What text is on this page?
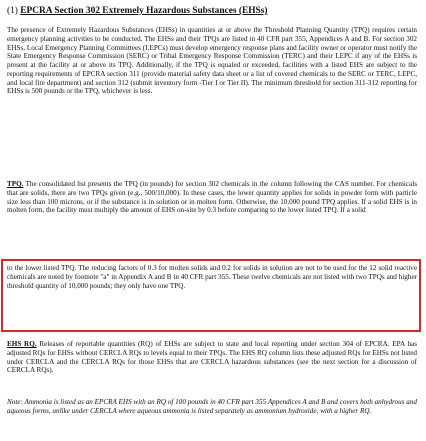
(1) EPCRA Section 302 Extremely Hazardous Substances (EHSs)
The presence of Extremely Hazardous Substances (EHSs) in quantities at or above the Threshold Planning Quantity (TPQ) requires certain emergency planning activities to be conducted. The EHSs and their TPQs are listed in 40 CFR part 355, Appendices A and B. For section 302 EHSs, Local Emergency Planning Committees (LEPCs) must develop emergency response plans and facility owner or operator must notify the State Emergency Response Commission (SERC) or Tribal Emergency Response Commission (TERC) and their LEPC if any of the EHSs is present at the facility at or above its TPQ. Additionally, if the TPQ is equaled or exceeded, facilities with a listed EHS are subject to the reporting requirements of EPCRA section 311 (provide material safety data sheet or a list of covered chemicals to the SERC or TERC, LEPC, and local fire department) and section 312 (submit inventory form -Tier I or Tier II). The minimum threshold for section 311-312 reporting for EHSs is 500 pounds or the TPQ, whichever is less.
TPQ. The consolidated list presents the TPQ (in pounds) for section 302 chemicals in the column following the CAS number. For chemicals that are solids, there are two TPQs given (e.g., 500/10,000). In these cases, the lower quantity applies for solids in powder form with particle size less than 100 microns, or if the substance is in solution or in molten form. Otherwise, the 10,000 pound TPQ applies. If a solid EHS is in molten form, the facility must multiply the amount of EHS on-site by 0.3 before comparing to the lower listed TPQ. If a solid
to the lower listed TPQ. The reducing factors of 0.3 for molten solids and 0.2 for solids in solution are not to be used for the 12 solid reactive chemicals are noted by footnote "a" in Appendix A and B in 40 CFR part 355. These twelve chemicals are not listed with two TPQs and higher threshold quantity of 10,000 pounds; they only have one TPQ.
EHS RQ. Releases of reportable quantities (RQ) of EHSs are subject to state and local reporting under section 304 of EPCRA. EPA has adjusted RQs for EHSs without CERCLA RQs to levels equal to their TPQs. The EHS RQ column lists these adjusted RQs for EHSs not listed under CERCLA and the CERCLA RQs for those EHSs that are CERCLA hazardous substances (see the next section for a discussion of CERCLA RQs).
Note: Ammonia is listed as an EPCRA EHS with an RQ of 100 pounds in 40 CFR part 355 Appendices A and B and covers both anhydrous and aqueous forms, unlike under CERCLA where aqueous ammonia is listed separately as ammonium hydroxide, with a higher RQ.
